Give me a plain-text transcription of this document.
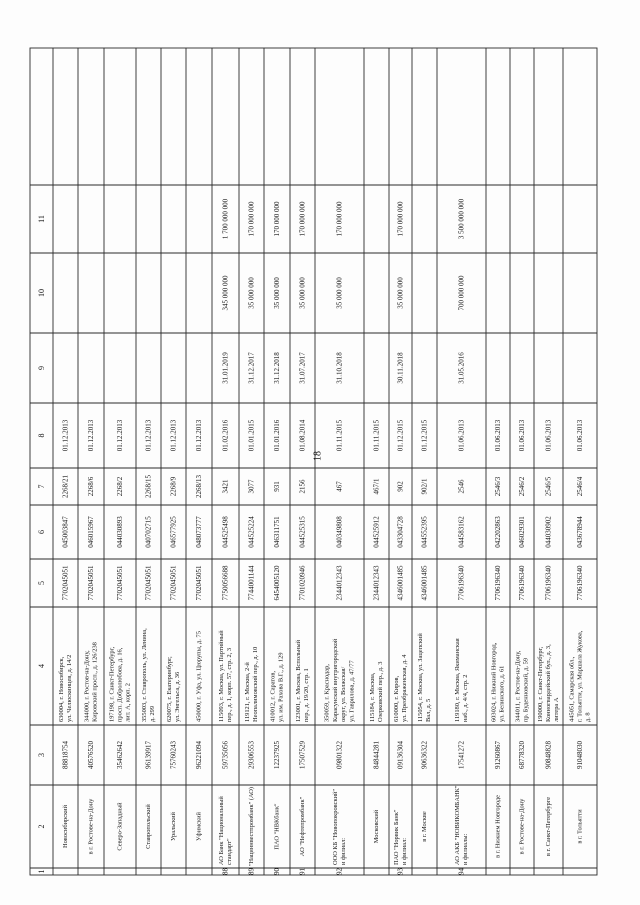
18
1
2
3
4
5
6
7
8
9
10
11
Новосибирский
88818754
630004, г. Новосибирск, ул. Челюскинцев, д. 14/2
7702045051
045003847
2268/21
01.12.2013
в г. Ростове-на-Дону
40576520
344000, г. Ростов-на-Дону, Кировский просп., д. 126/238
7702045051
046015967
2268/6
01.12.2013
Северо-Западный
35462642
197198, г. Санкт-Петербург, просп. Добролюбова, д. 16, лит. А, корп. 2
7702045051
044030893
2268/2
01.12.2013
Ставропольский
96139917
355003, г. Ставрополь, ул. Ленина, д. 299
7702045051
040702715
2268/15
01.12.2013
Уральский
75760243
620075, г. Екатеринбург, ул. Энгельса, д. 36
7702045051
046577925
2268/9
01.12.2013
Уфимский
96221094
450000, г. Уфа, ул. Цюрупы, д. 75
7702045051
048073777
2268/13
01.12.2013
88
АО Банк "Национальный стандарт"
59735056
115093, г. Москва, ул. Партийный пер., д. 1, корп. 57, стр. 2, 3
7750056688
044525498
3421
01.02.2016
31.01.2019
345 000 000
1 700 000 000
89
"Нациннвестпромбанк" (АО)
29306553
119121, г. Москва, 2-й Неопалимовский пер., д. 10
7744001144
044525224
3077
01.01.2015
31.12.2017
35 000 000
170 000 000
90
ПАО "НВКбанк"
12237925
410012, г. Саратов, ул. им. Рахова В.Г., д. 129
6454005120
046311751
931
01.01.2016
31.12.2018
35 000 000
170 000 000
91
АО "Нефтепромбанк"
17507529
123001, г. Москва, Вспольный пер., д. 19/20, стр. 1
7701020946
044525315
2156
01.08.2014
31.07.2017
35 000 000
170 000 000
92
ООО КБ "Новопокровский" и филиал:
09801322
350059, г. Краснодар, Карасунский внутригородской округ, ул. Волжская/ ул. Гаврилова, д. 47/77
2344012343
040349808
467
01.11.2015
31.10.2018
35 000 000
170 000 000
Московский
84844281
115184, г. Москва, Озерковский пер., д. 3
2344012343
044525912
467/1
01.11.2015
93
ПАО "Норвик Банк" и филиал:
09136304
610000, г. Киров, ул. Преображенская, д. 4
4346001485
043304728
902
01.12.2015
30.11.2018
35 000 000
170 000 000
в г. Москве
90636322
115054, г. Москва, ул. Зацепский Вал, д. 5
4346001485
044552395
902/1
01.12.2015
94
АО АКБ "НОВИКОМБАНК" и филиалы:
17541272
119180, г. Москва, Якиманская наб., д. 4/4, стр. 2
7706196340
044583162
2546
01.06.2013
31.05.2016
700 000 000
3 500 000 000
в г. Нижнем Новгороде
91260867
603024, г. Нижний Новгород, ул. Белинского, д. 61
7706196340
042202863
2546/3
01.06.2013
в г. Ростове-на-Дону
68778320
344011, г. Ростов-на-Дону, пр. Буденновский, д. 59
7706196340
046029301
2546/2
01.06.2013
в г. Санкт-Петербурге
90848828
190000, г. Санкт-Петербург, Конногвардейский бул., д. 3, литера А
7706196340
044030902
2546/5
01.06.2013
в г. Тольятти
91048030
445051, Самарская обл., г. Тольятти, ул. Маршала Жукова, д. 8
7706196340
043678944
2546/4
01.06.2013
